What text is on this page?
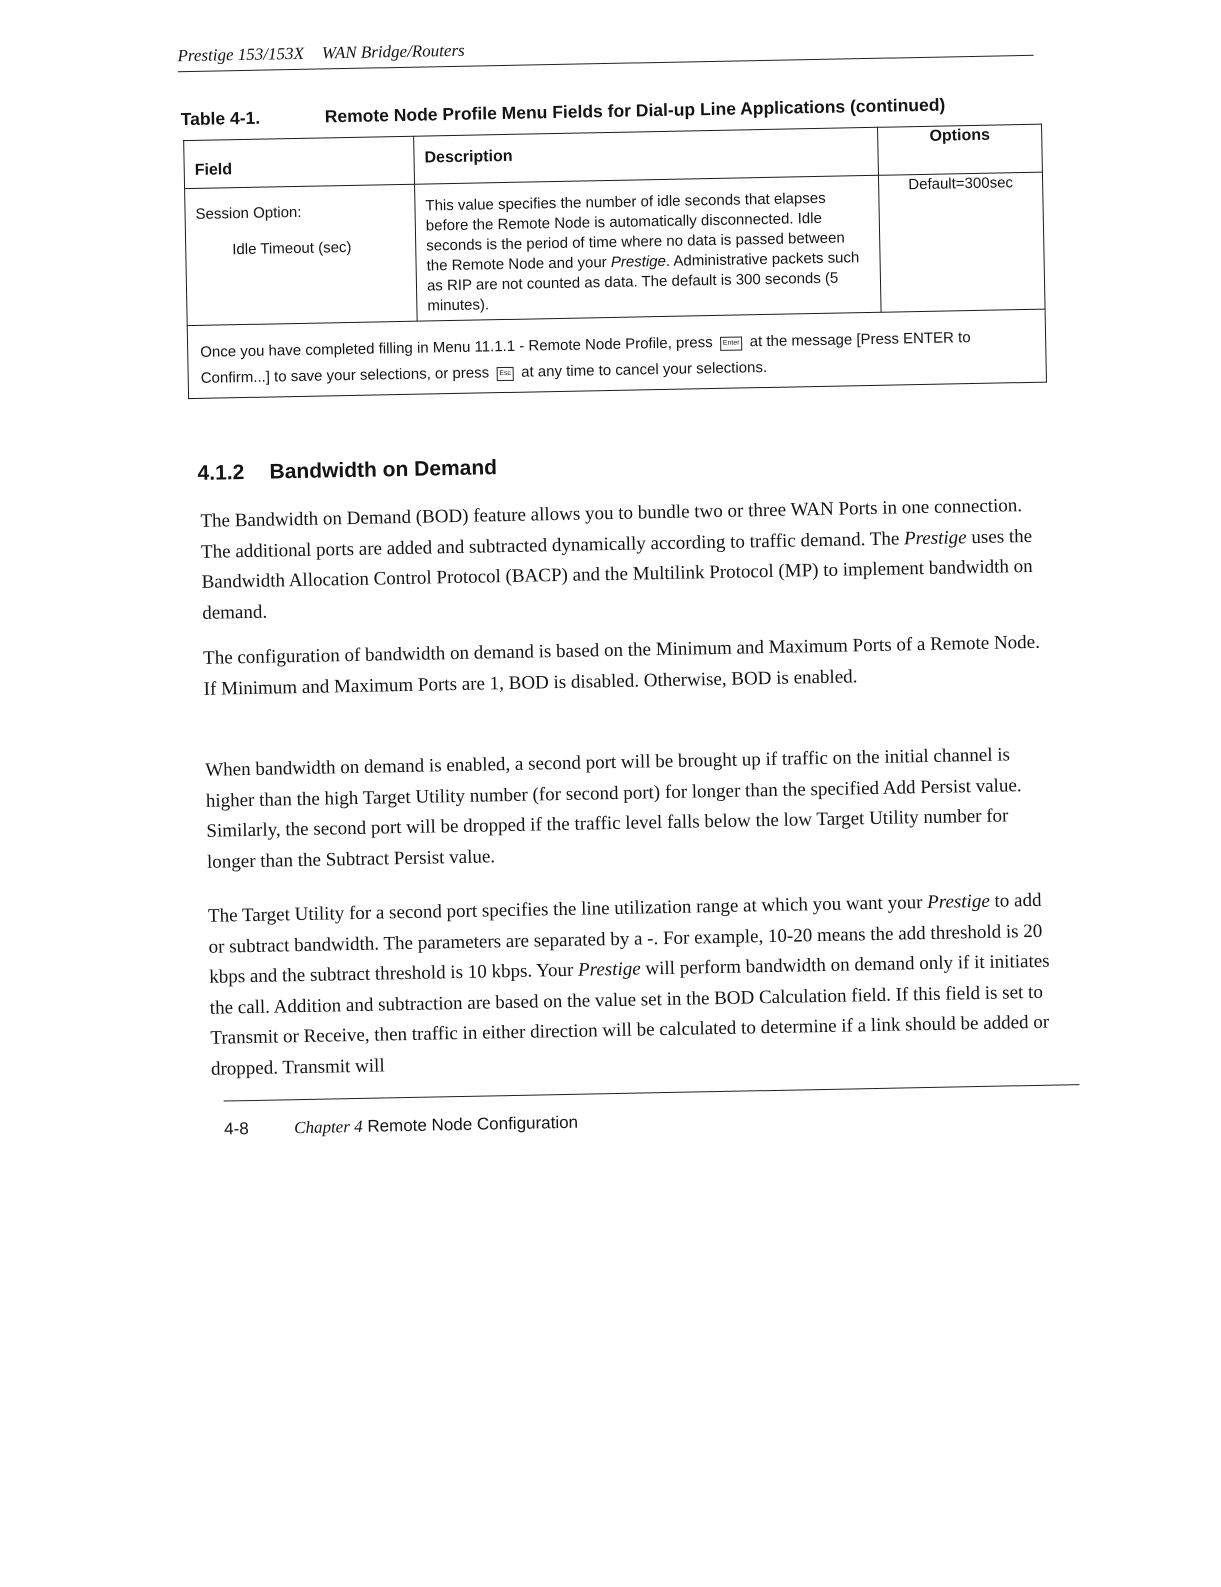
Prestige 153/153X WAN Bridge/Routers
Table 4-1.	Remote Node Profile Menu Fields for Dial-up Line Applications (continued)
Field	Description	Options

Session Option:
Idle Timeout (sec)	This value specifies the number of idle seconds that elapses before the Remote Node is automatically disconnected. Idle seconds is the period of time where no data is passed between the Remote Node and your Prestige. Administrative packets such as RIP are not counted as data. The default is 300 seconds (5 minutes).	Default=300sec
Once you have completed filling in Menu 11.1.1 - Remote Node Profile, press Enter at the message [Press ENTER to Confirm...] to save your selections, or press Esc at any time to cancel your selections.		
4.1.2 Bandwidth on Demand

The Bandwidth on Demand (BOD) feature allows you to bundle two or three WAN Ports in one connection. The additional ports are added and subtracted dynamically according to traffic demand. The Prestige uses the Bandwidth Allocation Control Protocol (BACP) and the Multilink Protocol (MP) to implement bandwidth on demand.

The configuration of bandwidth on demand is based on the Minimum and Maximum Ports of a Remote Node. If Minimum and Maximum Ports are 1, BOD is disabled. Otherwise, BOD is enabled.

When bandwidth on demand is enabled, a second port will be brought up if traffic on the initial channel is higher than the high Target Utility number (for second port) for longer than the specified Add Persist value. Similarly, the second port will be dropped if the traffic level falls below the low Target Utility number for longer than the Subtract Persist value.

The Target Utility for a second port specifies the line utilization range at which you want your Prestige to add or subtract bandwidth. The parameters are separated by a -. For example, 10-20 means the add threshold is 20 kbps and the subtract threshold is 10 kbps. Your Prestige will perform bandwidth on demand only if it initiates the call. Addition and subtraction are based on the value set in the BOD Calculation field. If this field is set to Transmit or Receive, then traffic in either direction will be calculated to determine if a link should be added or dropped. Transmit will

4-8	Chapter 4 Remote Node Configuration
